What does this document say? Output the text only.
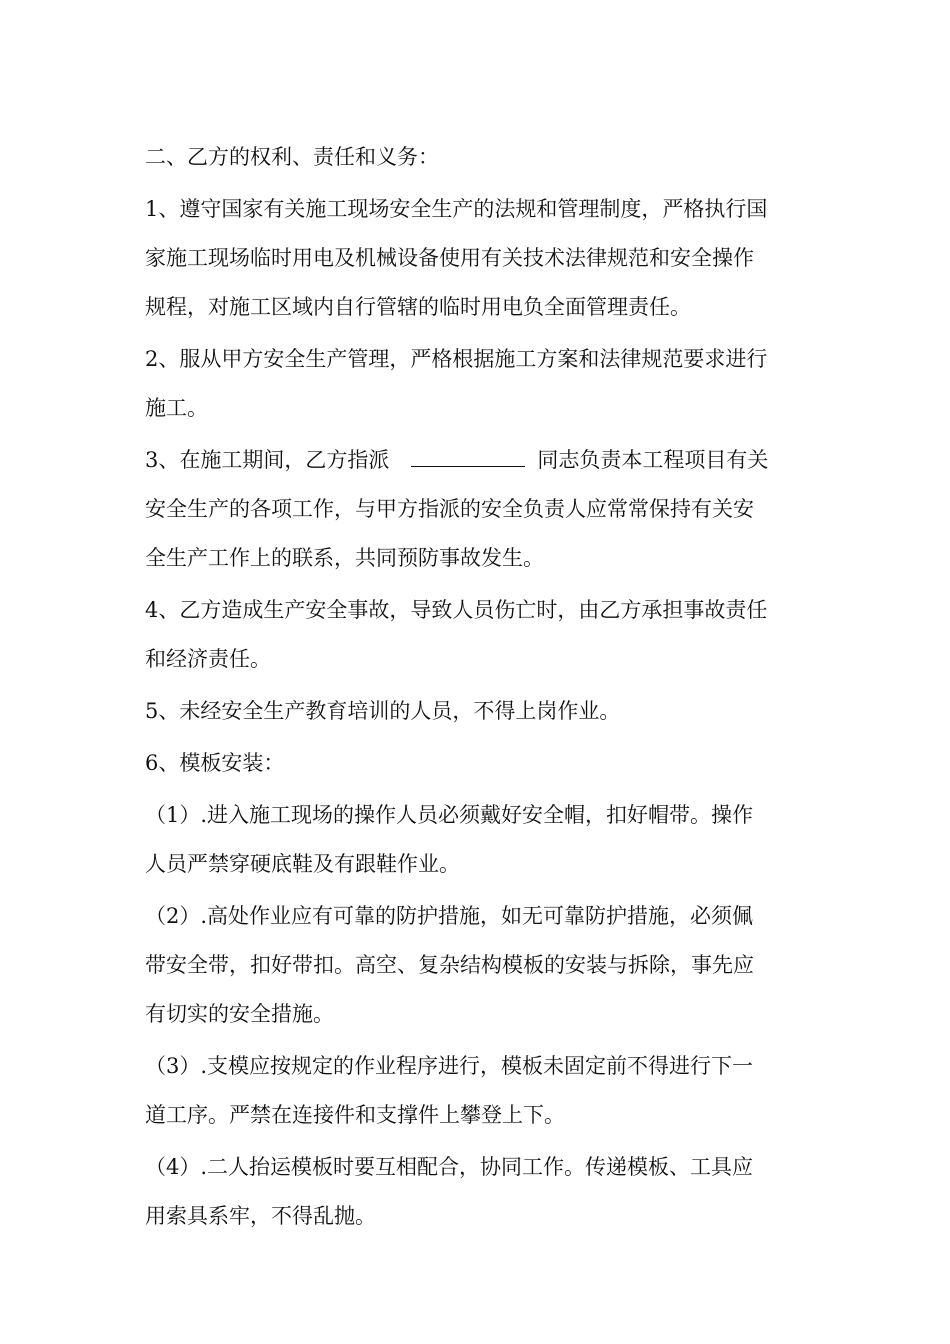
二、乙方的权利、责任和义务：
1、遵守国家有关施工现场安全生产的法规和管理制度，严格执行国
家施工现场临时用电及机械设备使用有关技术法律规范和安全操作
规程，对施工区域内自行管辖的临时用电负全面管理责任。
2、服从甲方安全生产管理，严格根据施工方案和法律规范要求进行
施工。
3、在施工期间，乙方指派	同志负责本工程项目有关
安全生产的各项工作，与甲方指派的安全负责人应常常保持有关安
全生产工作上的联系，共同预防事故发生。
4、乙方造成生产安全事故，导致人员伤亡时，由乙方承担事故责任
和经济责任。
5、未经安全生产教育培训的人员，不得上岗作业。
6、模板安装：
（1）.进入施工现场的操作人员必须戴好安全帽，扣好帽带。操作
人员严禁穿硬底鞋及有跟鞋作业。
（2）.高处作业应有可靠的防护措施，如无可靠防护措施，必须佩
带安全带，扣好带扣。高空、复杂结构模板的安装与拆除，事先应
有切实的安全措施。
（3）.支模应按规定的作业程序进行，模板未固定前不得进行下一
道工序。严禁在连接件和支撑件上攀登上下。
（4）.二人抬运模板时要互相配合，协同工作。传递模板、工具应
用索具系牢，不得乱抛。
